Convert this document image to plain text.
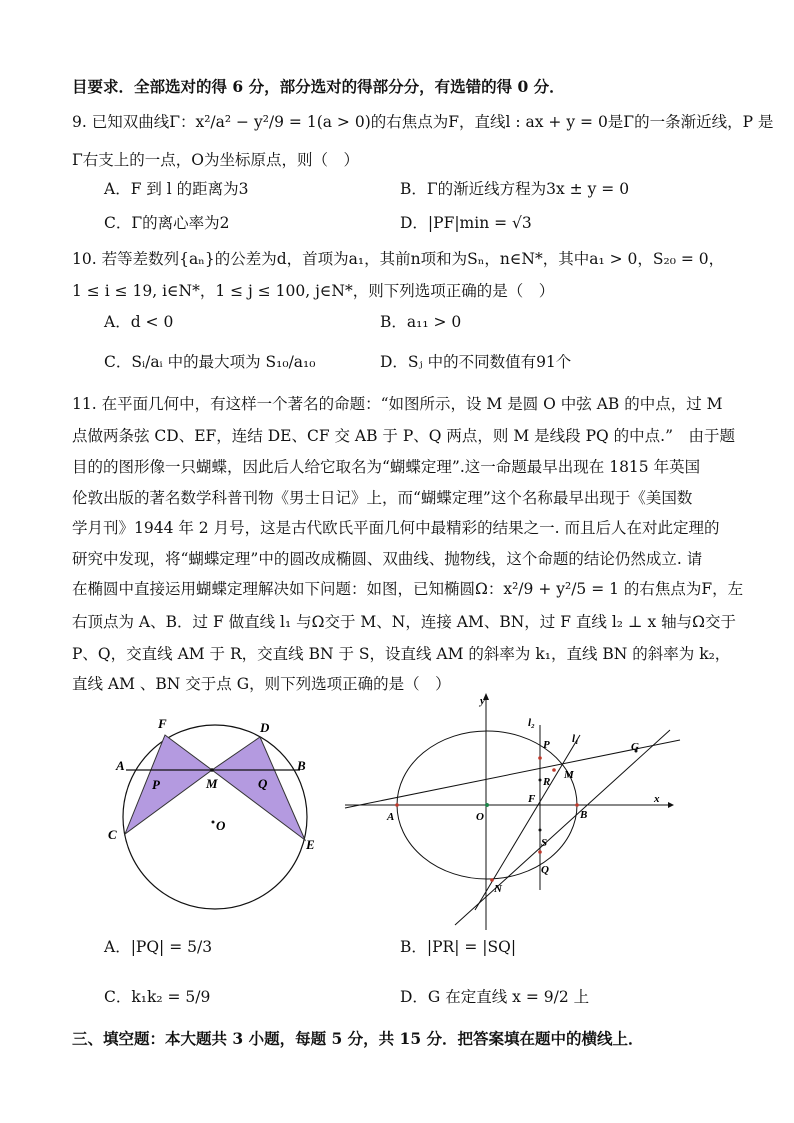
目要求．全部选对的得 6 分，部分选对的得部分分，有选错的得 0 分．
9. 已知双曲线Γ：x²/a² − y²/9 = 1(a > 0)的右焦点为F，直线l : ax + y = 0是Γ的一条渐近线，P 是
Γ右支上的一点，O为坐标原点，则（　）
A．F 到 l 的距离为3	B．Γ的渐近线方程为3x ± y = 0
C．Γ的离心率为2	D．|PF|min = √3
10. 若等差数列{aₙ}的公差为d，首项为a₁，其前n项和为Sₙ，n∈N*，其中a₁ > 0，S₂₀ = 0，
1 ≤ i ≤ 19, i∈N*，1 ≤ j ≤ 100, j∈N*，则下列选项正确的是（　）
A．d < 0	B．a₁₁ > 0
C．Sᵢ/aᵢ 中的最大项为 S₁₀/a₁₀	D．Sⱼ 中的不同数值有91个
11. 在平面几何中，有这样一个著名的命题：“如图所示，设 M 是圆 O 中弦 AB 的中点，过 M
点做两条弦 CD、EF，连结 DE、CF 交 AB 于 P、Q 两点，则 M 是线段 PQ 的中点.”　由于题
目的的图形像一只蝴蝶，因此后人给它取名为“蝴蝶定理”.这一命题最早出现在 1815 年英国
伦敦出版的著名数学科普刊物《男士日记》上，而“蝴蝶定理”这个名称最早出现于《美国数
学月刊》1944 年 2 月号，这是古代欧氏平面几何中最精彩的结果之一. 而且后人在对此定理的
研究中发现，将“蝴蝶定理”中的圆改成椭圆、双曲线、抛物线，这个命题的结论仍然成立. 请
在椭圆中直接运用蝴蝶定理解决如下问题：如图，已知椭圆Ω：x²/9 + y²/5 = 1 的右焦点为F，左
右顶点为 A、B．过 F 做直线 l₁ 与Ω交于 M、N，连接 AM、BN，过 F 直线 l₂ ⊥ x 轴与Ω交于
P、Q，交直线 AM 于 R，交直线 BN 于 S，设直线 AM 的斜率为 k₁，直线 BN 的斜率为 k₂，
直线 AM 、BN 交于点 G，则下列选项正确的是（　）
F	D
A	B
P	M	Q
C
O
E
y
l₂
l₁
P	G
R
M
F	x
A	O	B
S
Q
N
A．|PQ| = 5/3	B．|PR| = |SQ|
C．k₁k₂ = 5/9	D．G 在定直线 x = 9/2 上
三、填空题：本大题共 3 小题，每题 5 分，共 15 分．把答案填在题中的横线上．
